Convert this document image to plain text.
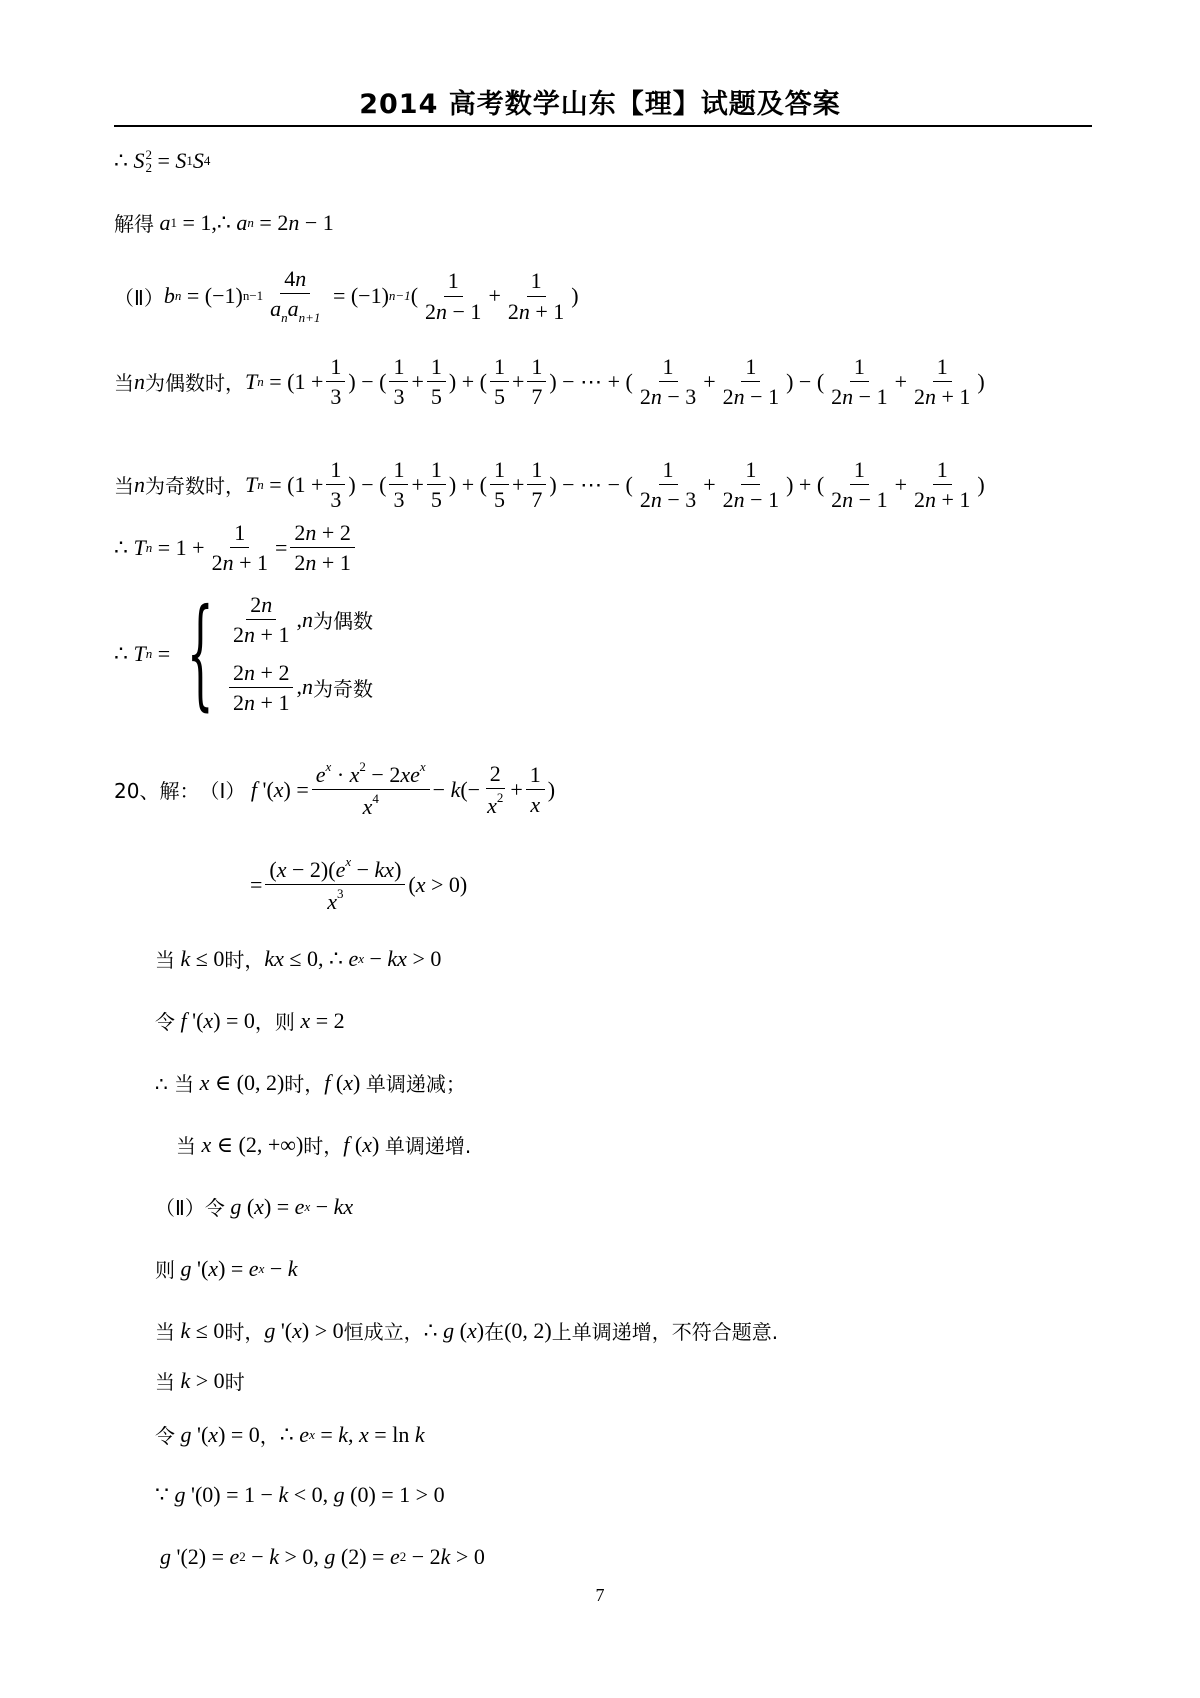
2014 高考数学山东【理】试题及答案
∴ S 2
2 = S 1 S 4
解得 a 1 = 1,∴ a n = 2 n − 1
（Ⅱ） b n = (−1) $n-1 \frac{4n}{a_na_{n+1}} = (-1)$ n−1 ( $\frac{1}{2n - 1} + \frac{1}{2n + 1}$ )
当 n 为偶数时， T $n = (1 + \frac{1}{3}$ ) − ( $\frac{1}{3} + \frac{1}{5}$ ) + ( $\frac{1}{5} + \frac{1}{7}$ ) − ⋯ + ( $\frac{1}{2n - 3} + \frac{1}{2n - 1}$ ) − ( $\frac{1}{2n - 1} + \frac{1}{2n + 1}$ )
当 n 为奇数时， T $n = (1 + \frac{1}{3}$ ) − ( $\frac{1}{3} + \frac{1}{5}$ ) + ( $\frac{1}{5} + \frac{1}{7}$ ) − ⋯ − ( $\frac{1}{2n - 3} + \frac{1}{2n - 1}$ ) + ( $\frac{1}{2n - 1} + \frac{1}{2n + 1}$ )
∴ T $n = 1 + \frac{1}{2n + 1} = \frac{2n + 2}{2n + 1}$
∴ T n = { $\frac{2n}{2n + 1}$ , n 为偶数
$\frac{2n + 2}{2n + 1}$ , n 为奇数
20、解： （Ⅰ） f '( x ) = $\frac{e^x \cdot x^2 - 2xe^x}{x^4} - k$ (− $\frac{2}{x^2} + \frac{1}{x}$ )
= $\frac{(x - 2)(e^x - kx)}{x^3}$ ( x > 0)
当 k ≤ 0 时， kx ≤ 0, ∴ e x − kx > 0
令 f '( x ) = 0 ， 则 x = 2
∴ 当 x ∈ (0, 2) 时， f ( x ) 单调递减；
当 x ∈ (2, +∞) 时， f ( x ) 单调递增.
（Ⅱ） 令 g ( x ) = e x − kx
则 g '( x ) = e x − k
当 k ≤ 0 时， g '( x ) > 0 恒成立， ∴ g ( x ) 在 (0, 2) 上单调递增，不符合题意.
当 k > 0 时
令 g '( x ) = 0 ， ∴ e x = k , x = ln k
∵ g '(0) = 1 − k < 0, g (0) = 1 > 0
g '(2) = e 2 − k > 0, g (2) = e 2 − 2 k > 0
7
